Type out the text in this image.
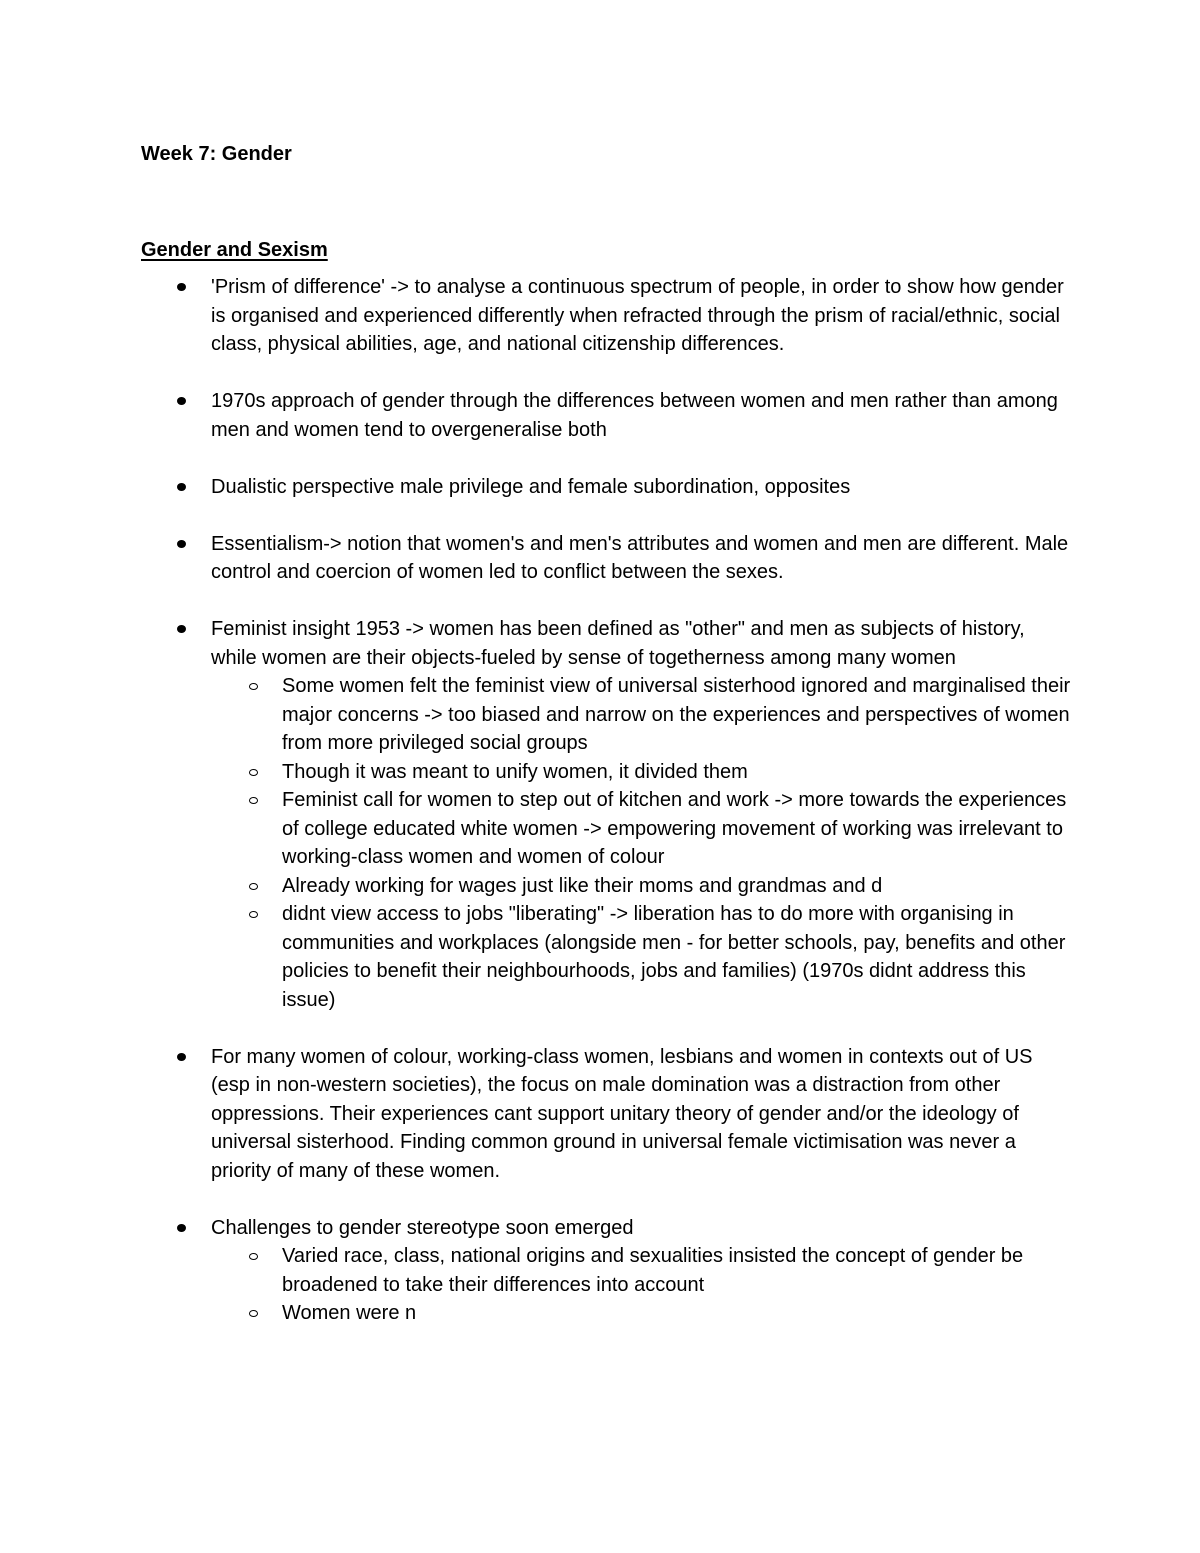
Week 7: Gender
Gender and Sexism
'Prism of difference' -> to analyse a continuous spectrum of people, in order to show how gender is organised and experienced differently when refracted through the prism of racial/ethnic, social class, physical abilities, age, and national citizenship differences.
1970s approach of gender through the differences between women and men rather than among men and women tend to overgeneralise both
Dualistic perspective male privilege and female subordination, opposites
Essentialism-> notion that women's and men's attributes and women and men are different. Male control and coercion of women led to conflict between the sexes.
Feminist insight 1953 -> women has been defined as "other" and men as subjects of history, while women are their objects-fueled by sense of togetherness among many women
Some women felt the feminist view of universal sisterhood ignored and marginalised their major concerns -> too biased and narrow on the experiences and perspectives of women from more privileged social groups
Though it was meant to unify women, it divided them
Feminist call for women to step out of kitchen and work -> more towards the experiences of college educated white women -> empowering movement of working was irrelevant to working-class women and women of colour
Already working for wages just like their moms and grandmas and d
didnt view access to jobs "liberating" -> liberation has to do more with organising in communities and workplaces (alongside men - for better schools, pay, benefits and other policies to benefit their neighbourhoods, jobs and families) (1970s didnt address this issue)
For many women of colour, working-class women, lesbians and women in contexts out of US (esp in non-western societies), the focus on male domination was a distraction from other oppressions. Their experiences cant support unitary theory of gender and/or the ideology of universal sisterhood. Finding common ground in universal female victimisation was never a priority of many of these women.
Challenges to gender stereotype soon emerged
Varied race, class, national origins and sexualities insisted the concept of gender be broadened to take their differences into account
Women were n
